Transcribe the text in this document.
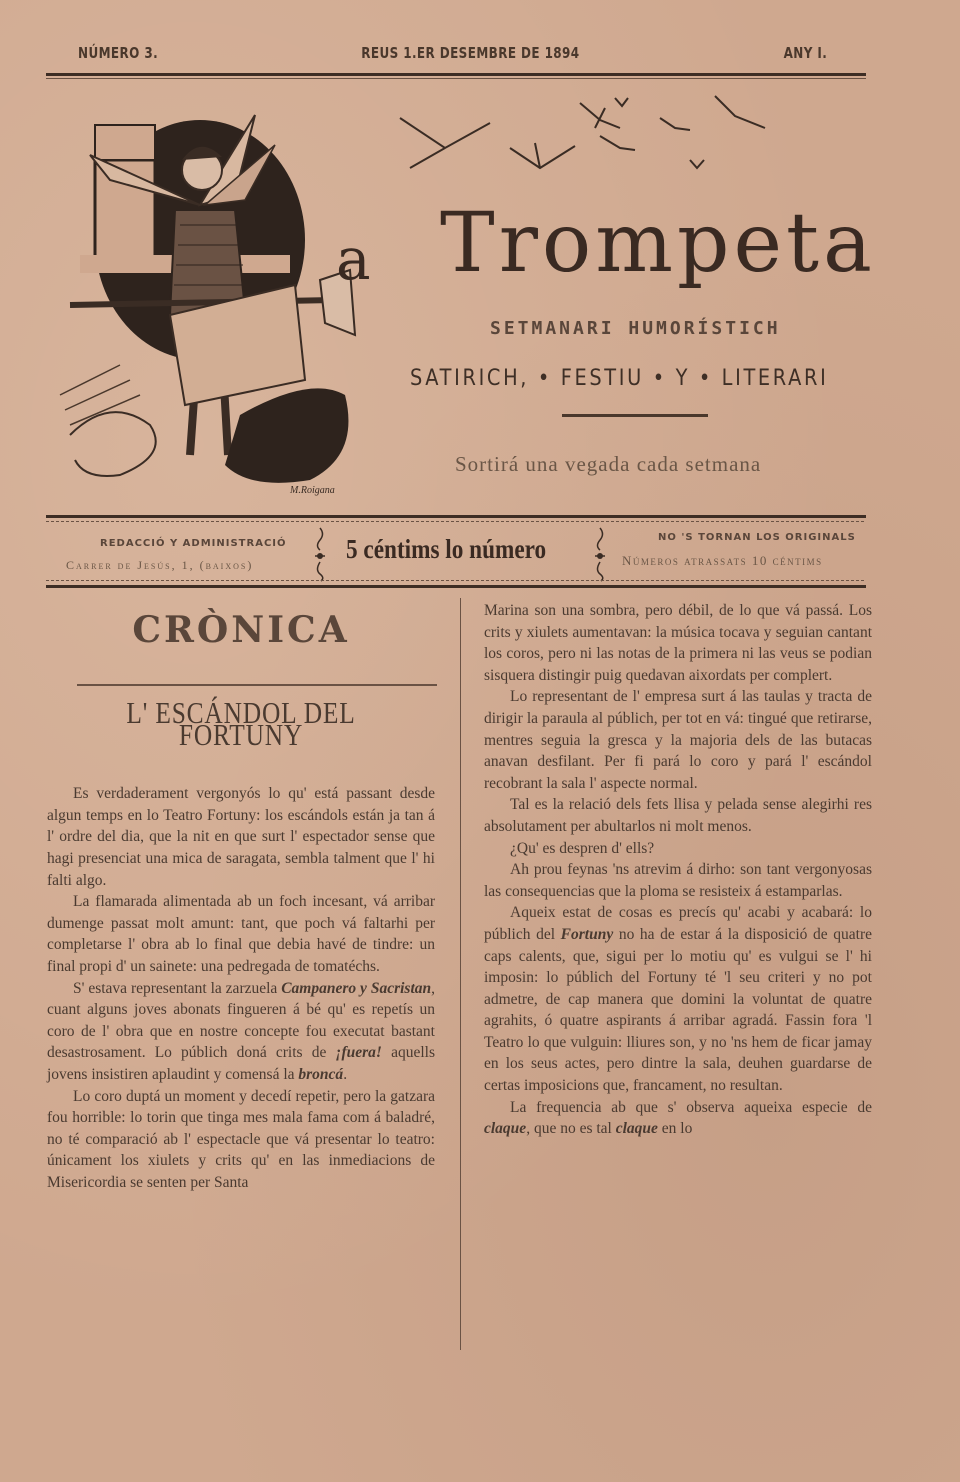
NÚMERO 3.	REUS 1.ER DESEMBRE DE 1894	ANY I.
M.Roigana
a Trompeta
SETMANARI HUMORÍSTICH
SATIRICH, • FESTIU • Y • LITERARI
Sortirá una vegada cada setmana
REDACCIÓ Y ADMINISTRACIÓ
Carrer de Jesús, 1, (baixos)
5 céntims lo número	NO 'S TORNAN LOS ORIGINALS
Números atrassats 10 céntims
CRÒNICA
L' ESCÁNDOL DEL FORTUNY

Es verdaderament vergonyós lo qu' está passant desde algun temps en lo Teatro Fortuny: los escándols están ja tan á l' ordre del dia, que la nit en que surt l' espectador sense que hagi presenciat una mica de saragata, sembla talment que l' hi falti algo.

La flamarada alimentada ab un foch incesant, vá arribar dumenge passat molt amunt: tant, que poch vá faltarhi per completarse l' obra ab lo final que debia havé de tindre: un final propi d' un sainete: una pedregada de tomatéchs.

S' estava representant la zarzuela Campanero y Sacristan, cuant alguns joves abonats fingueren á bé qu' es repetís un coro de l' obra que en nostre concepte fou executat bastant desastrosament. Lo públich doná crits de ¡fuera! aquells jovens insistiren aplaudint y comensá la broncá.

Lo coro duptá un moment y decedí repetir, pero la gatzara fou horrible: lo torin que tinga mes mala fama com á baladré, no té comparació ab l' espectacle que vá presentar lo teatro: únicament los xiulets y crits qu' en las inmediacions de Misericordia se senten per Santa

Marina son una sombra, pero débil, de lo que vá passá. Los crits y xiulets aumentavan: la música tocava y seguian cantant los coros, pero ni las notas de la primera ni las veus se podian sisquera distingir puig quedavan aixordats per complert.

Lo representant de l' empresa surt á las taulas y tracta de dirigir la paraula al públich, per tot en vá: tingué que retirarse, mentres seguia la gresca y la majoria dels de las butacas anavan desfilant. Per fi pará lo coro y pará l' escándol recobrant la sala l' aspecte normal.

Tal es la relació dels fets llisa y pelada sense alegirhi res absolutament per abultarlos ni molt menos.

¿Qu' es despren d' ells?

Ah prou feynas 'ns atrevim á dirho: son tant vergonyosas las consequencias que la ploma se resisteix á estamparlas.

Aqueix estat de cosas es precís qu' acabi y acabará: lo públich del Fortuny no ha de estar á la disposició de quatre caps calents, que, sigui per lo motiu qu' es vulgui se l' hi imposin: lo públich del Fortuny té 'l seu criteri y no pot admetre, de cap manera que domini la voluntat de quatre agrahits, ó quatre aspirants á arribar agradá. Fassin fora 'l Teatro lo que vulguin: lliures son, y no 'ns hem de ficar jamay en los seus actes, pero dintre la sala, deuhen guardarse de certas imposicions que, francament, no resultan.

La frequencia ab que s' observa aqueixa especie de claque, que no es tal claque en lo
